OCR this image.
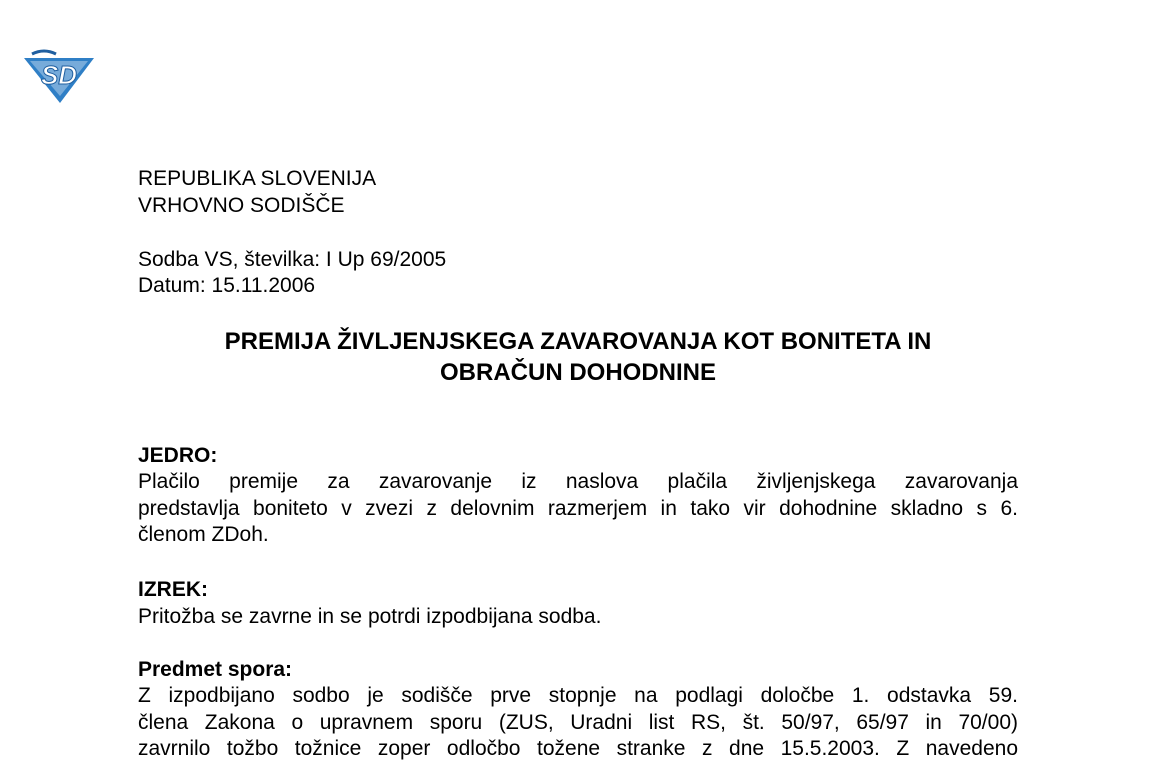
SD
REPUBLIKA SLOVENIJA
VRHOVNO SODIŠČE
Sodba VS, številka: I Up 69/2005
Datum: 15.11.2006
PREMIJA ŽIVLJENJSKEGA ZAVAROVANJA KOT BONITETA IN
OBRAČUN DOHODNINE
JEDRO:
Plačilo premije za zavarovanje iz naslova plačila življenjskega zavarovanja
predstavlja boniteto v zvezi z delovnim razmerjem in tako vir dohodnine skladno s 6.
členom ZDoh.
IZREK:
Pritožba se zavrne in se potrdi izpodbijana sodba.
Predmet spora:
Z izpodbijano sodbo je sodišče prve stopnje na podlagi določbe 1. odstavka 59.
člena Zakona o upravnem sporu (ZUS, Uradni list RS, št. 50/97, 65/97 in 70/00)
zavrnilo tožbo tožnice zoper odločbo tožene stranke z dne 15.5.2003. Z navedeno
